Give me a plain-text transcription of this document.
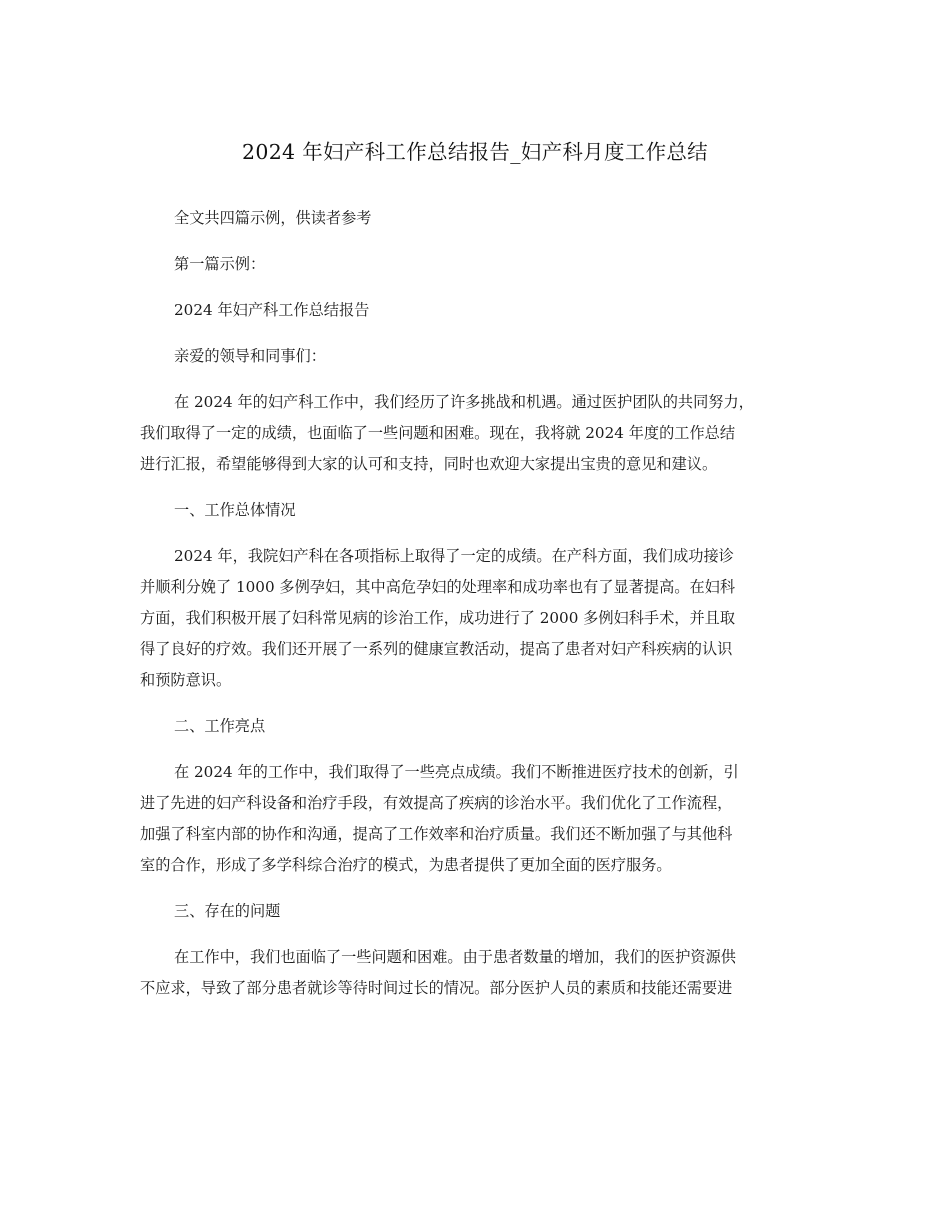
2024 年妇产科工作总结报告_妇产科月度工作总结

全文共四篇示例，供读者参考

第一篇示例：

2024 年妇产科工作总结报告

亲爱的领导和同事们：

在 2024 年的妇产科工作中，我们经历了许多挑战和机遇。通过医护团队的共同努力，

我们取得了一定的成绩，也面临了一些问题和困难。现在，我将就 2024 年度的工作总结

进行汇报，希望能够得到大家的认可和支持，同时也欢迎大家提出宝贵的意见和建议。

一、工作总体情况

2024 年，我院妇产科在各项指标上取得了一定的成绩。在产科方面，我们成功接诊

并顺利分娩了 1000 多例孕妇，其中高危孕妇的处理率和成功率也有了显著提高。在妇科

方面，我们积极开展了妇科常见病的诊治工作，成功进行了 2000 多例妇科手术，并且取

得了良好的疗效。我们还开展了一系列的健康宣教活动，提高了患者对妇产科疾病的认识

和预防意识。

二、工作亮点

在 2024 年的工作中，我们取得了一些亮点成绩。我们不断推进医疗技术的创新，引

进了先进的妇产科设备和治疗手段，有效提高了疾病的诊治水平。我们优化了工作流程，

加强了科室内部的协作和沟通，提高了工作效率和治疗质量。我们还不断加强了与其他科

室的合作，形成了多学科综合治疗的模式，为患者提供了更加全面的医疗服务。

三、存在的问题

在工作中，我们也面临了一些问题和困难。由于患者数量的增加，我们的医护资源供

不应求，导致了部分患者就诊等待时间过长的情况。部分医护人员的素质和技能还需要进
